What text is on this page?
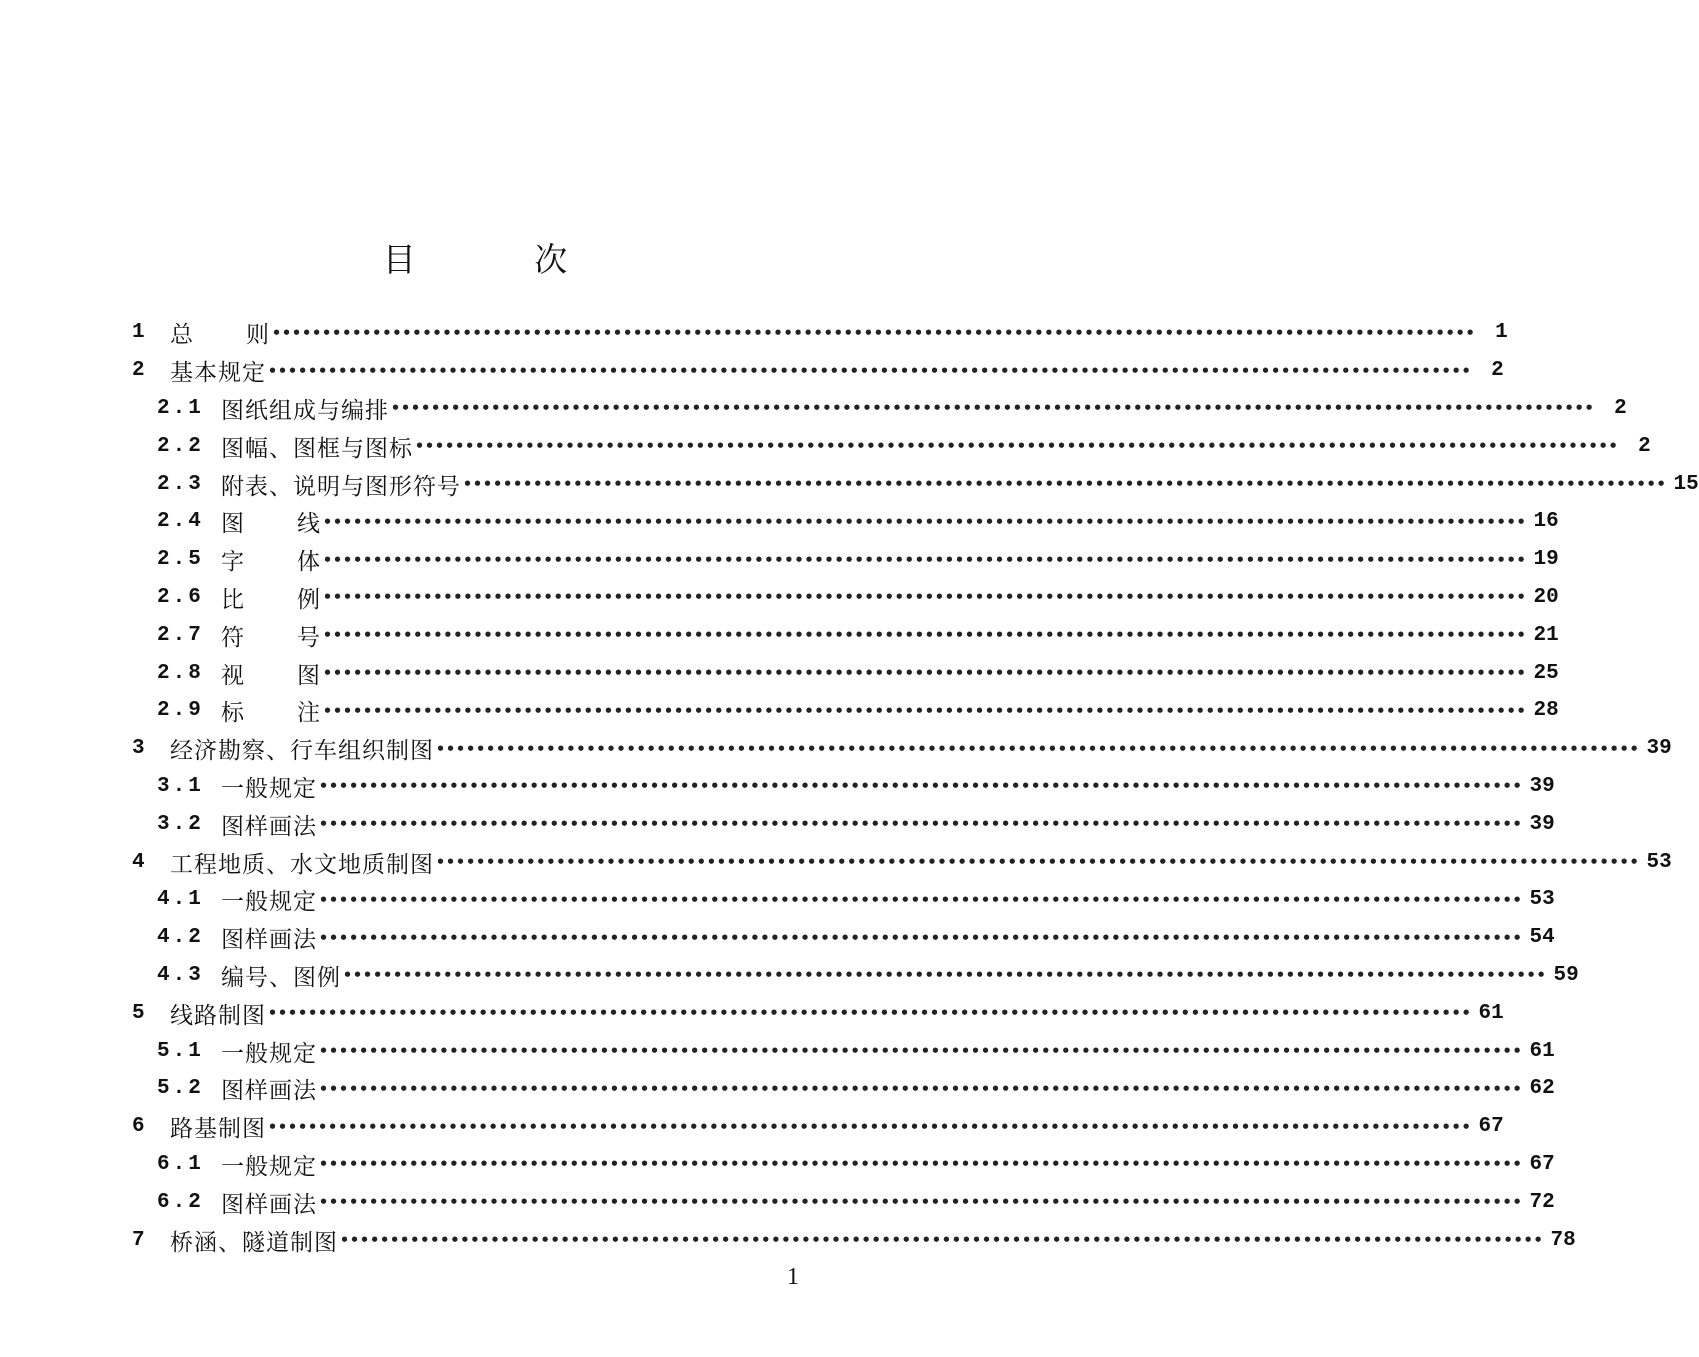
目 次
1 总 则 •••••••••••••••••••••••••••••••••••••••••••••••••••••••••••••••••••••••••••••••••••••••••••••••••••••••••••••••••••••••• 1
2 基本规定 •••••••••••••••••••••••••••••••••••••••••••••••••••••••••••••••••••••••••••••••••••••••••••••••••••••••••••••••••••••••• 2
2.1 图纸组成与编排 •••••••••••••••••••••••••••••••••••••••••••••••••••••••••••••••••••••••••••••••••••••••••••••••••••••••••••••••••••••••• 2
2.2 图幅、图框与图标 •••••••••••••••••••••••••••••••••••••••••••••••••••••••••••••••••••••••••••••••••••••••••••••••••••••••••••••••••••••••• 2
2.3 附表、说明与图形符号 •••••••••••••••••••••••••••••••••••••••••••••••••••••••••••••••••••••••••••••••••••••••••••••••••••••••••••••••••••••••• 15
2.4 图 线 •••••••••••••••••••••••••••••••••••••••••••••••••••••••••••••••••••••••••••••••••••••••••••••••••••••••••••••••••••••••• 16
2.5 字 体 •••••••••••••••••••••••••••••••••••••••••••••••••••••••••••••••••••••••••••••••••••••••••••••••••••••••••••••••••••••••• 19
2.6 比 例 •••••••••••••••••••••••••••••••••••••••••••••••••••••••••••••••••••••••••••••••••••••••••••••••••••••••••••••••••••••••• 20
2.7 符 号 •••••••••••••••••••••••••••••••••••••••••••••••••••••••••••••••••••••••••••••••••••••••••••••••••••••••••••••••••••••••• 21
2.8 视 图 •••••••••••••••••••••••••••••••••••••••••••••••••••••••••••••••••••••••••••••••••••••••••••••••••••••••••••••••••••••••• 25
2.9 标 注 •••••••••••••••••••••••••••••••••••••••••••••••••••••••••••••••••••••••••••••••••••••••••••••••••••••••••••••••••••••••• 28
3 经济勘察、行车组织制图 •••••••••••••••••••••••••••••••••••••••••••••••••••••••••••••••••••••••••••••••••••••••••••••••••••••••••••••••••••••••• 39
3.1 一般规定 •••••••••••••••••••••••••••••••••••••••••••••••••••••••••••••••••••••••••••••••••••••••••••••••••••••••••••••••••••••••• 39
3.2 图样画法 •••••••••••••••••••••••••••••••••••••••••••••••••••••••••••••••••••••••••••••••••••••••••••••••••••••••••••••••••••••••• 39
4 工程地质、水文地质制图 •••••••••••••••••••••••••••••••••••••••••••••••••••••••••••••••••••••••••••••••••••••••••••••••••••••••••••••••••••••••• 53
4.1 一般规定 •••••••••••••••••••••••••••••••••••••••••••••••••••••••••••••••••••••••••••••••••••••••••••••••••••••••••••••••••••••••• 53
4.2 图样画法 •••••••••••••••••••••••••••••••••••••••••••••••••••••••••••••••••••••••••••••••••••••••••••••••••••••••••••••••••••••••• 54
4.3 编号、图例 •••••••••••••••••••••••••••••••••••••••••••••••••••••••••••••••••••••••••••••••••••••••••••••••••••••••••••••••••••••••• 59
5 线路制图 •••••••••••••••••••••••••••••••••••••••••••••••••••••••••••••••••••••••••••••••••••••••••••••••••••••••••••••••••••••••• 61
5.1 一般规定 •••••••••••••••••••••••••••••••••••••••••••••••••••••••••••••••••••••••••••••••••••••••••••••••••••••••••••••••••••••••• 61
5.2 图样画法 •••••••••••••••••••••••••••••••••••••••••••••••••••••••••••••••••••••••••••••••••••••••••••••••••••••••••••••••••••••••• 62
6 路基制图 •••••••••••••••••••••••••••••••••••••••••••••••••••••••••••••••••••••••••••••••••••••••••••••••••••••••••••••••••••••••• 67
6.1 一般规定 •••••••••••••••••••••••••••••••••••••••••••••••••••••••••••••••••••••••••••••••••••••••••••••••••••••••••••••••••••••••• 67
6.2 图样画法 •••••••••••••••••••••••••••••••••••••••••••••••••••••••••••••••••••••••••••••••••••••••••••••••••••••••••••••••••••••••• 72
7 桥涵、隧道制图 •••••••••••••••••••••••••••••••••••••••••••••••••••••••••••••••••••••••••••••••••••••••••••••••••••••••••••••••••••••••• 78
1
